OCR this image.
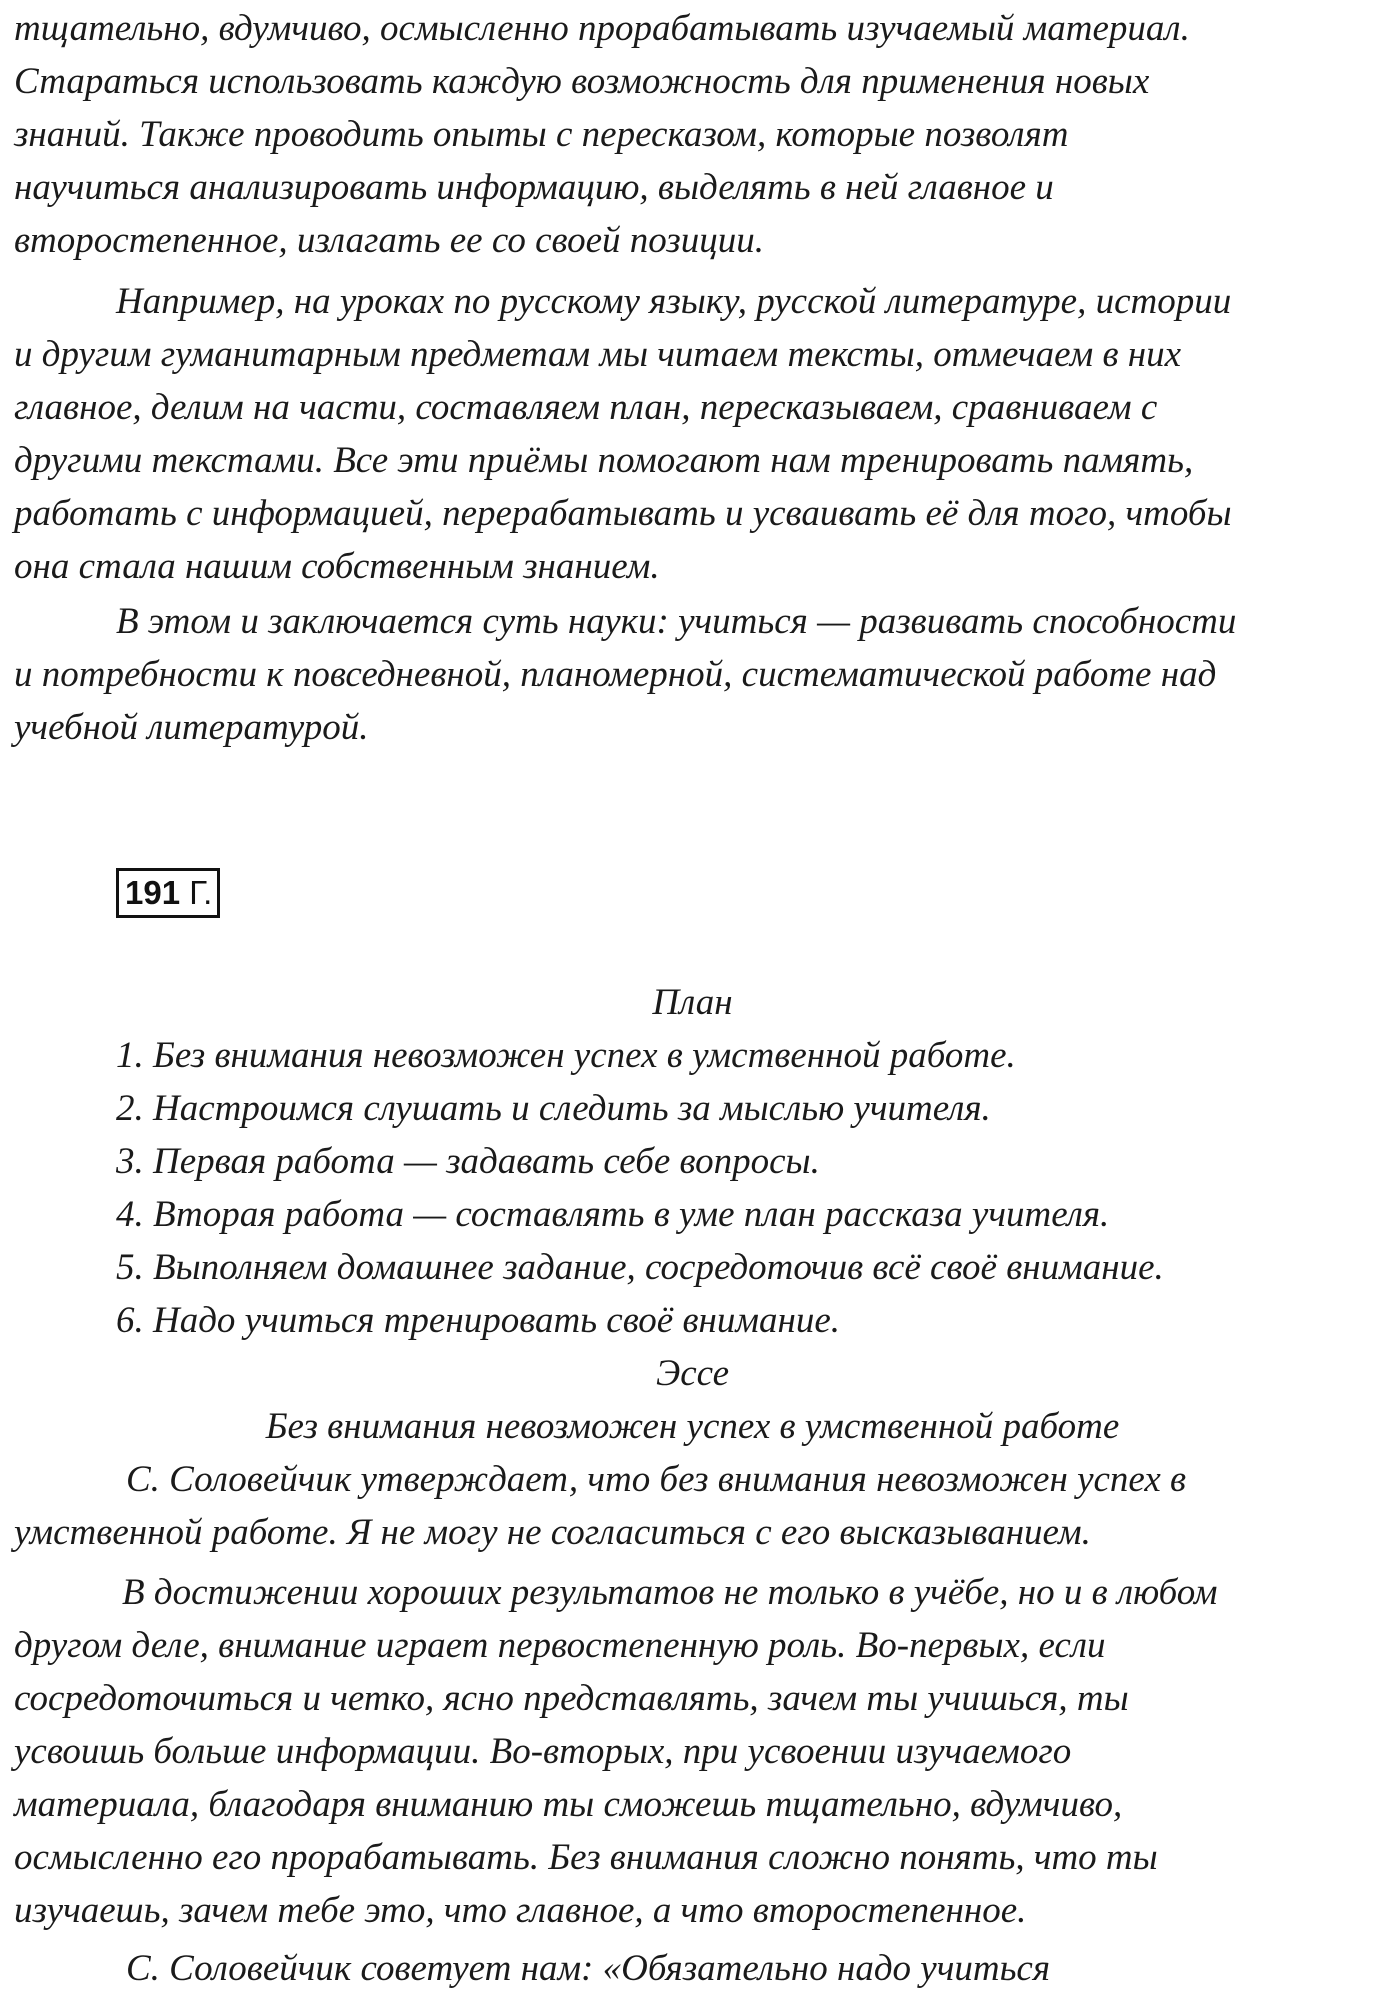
тщательно, вдумчиво, осмысленно прорабатывать изучаемый материал.
Стараться использовать каждую возможность для применения новых
знаний. Также проводить опыты с пересказом, которые позволят
научиться анализировать информацию, выделять в ней главное и
второстепенное, излагать ее со своей позиции.
Например, на уроках по русскому языку, русской литературе, истории
и другим гуманитарным предметам мы читаем тексты, отмечаем в них
главное, делим на части, составляем план, пересказываем, сравниваем с
другими текстами. Все эти приёмы помогают нам тренировать память,
работать с информацией, перерабатывать и усваивать её для того, чтобы
она стала нашим собственным знанием.
В этом и заключается суть науки: учиться — развивать способности
и потребности к повседневной, планомерной, систематической работе над
учебной литературой.
191 Г.
План
1. Без внимания невозможен успех в умственной работе.
2. Настроимся слушать и следить за мыслью учителя.
3. Первая работа — задавать себе вопросы.
4. Вторая работа — составлять в уме план рассказа учителя.
5. Выполняем домашнее задание, сосредоточив всё своё внимание.
6. Надо учиться тренировать своё внимание.
Эссе
Без внимания невозможен успех в умственной работе
С. Соловейчик утверждает, что без внимания невозможен успех в
умственной работе. Я не могу не согласиться с его высказыванием.
В достижении хороших результатов не только в учёбе, но и в любом
другом деле, внимание играет первостепенную роль. Во-первых, если
сосредоточиться и четко, ясно представлять, зачем ты учишься, ты
усвоишь больше информации. Во-вторых, при усвоении изучаемого
материала, благодаря вниманию ты сможешь тщательно, вдумчиво,
осмысленно его прорабатывать. Без внимания сложно понять, что ты
изучаешь, зачем тебе это, что главное, а что второстепенное.
С. Соловейчик советует нам: «Обязательно надо учиться
